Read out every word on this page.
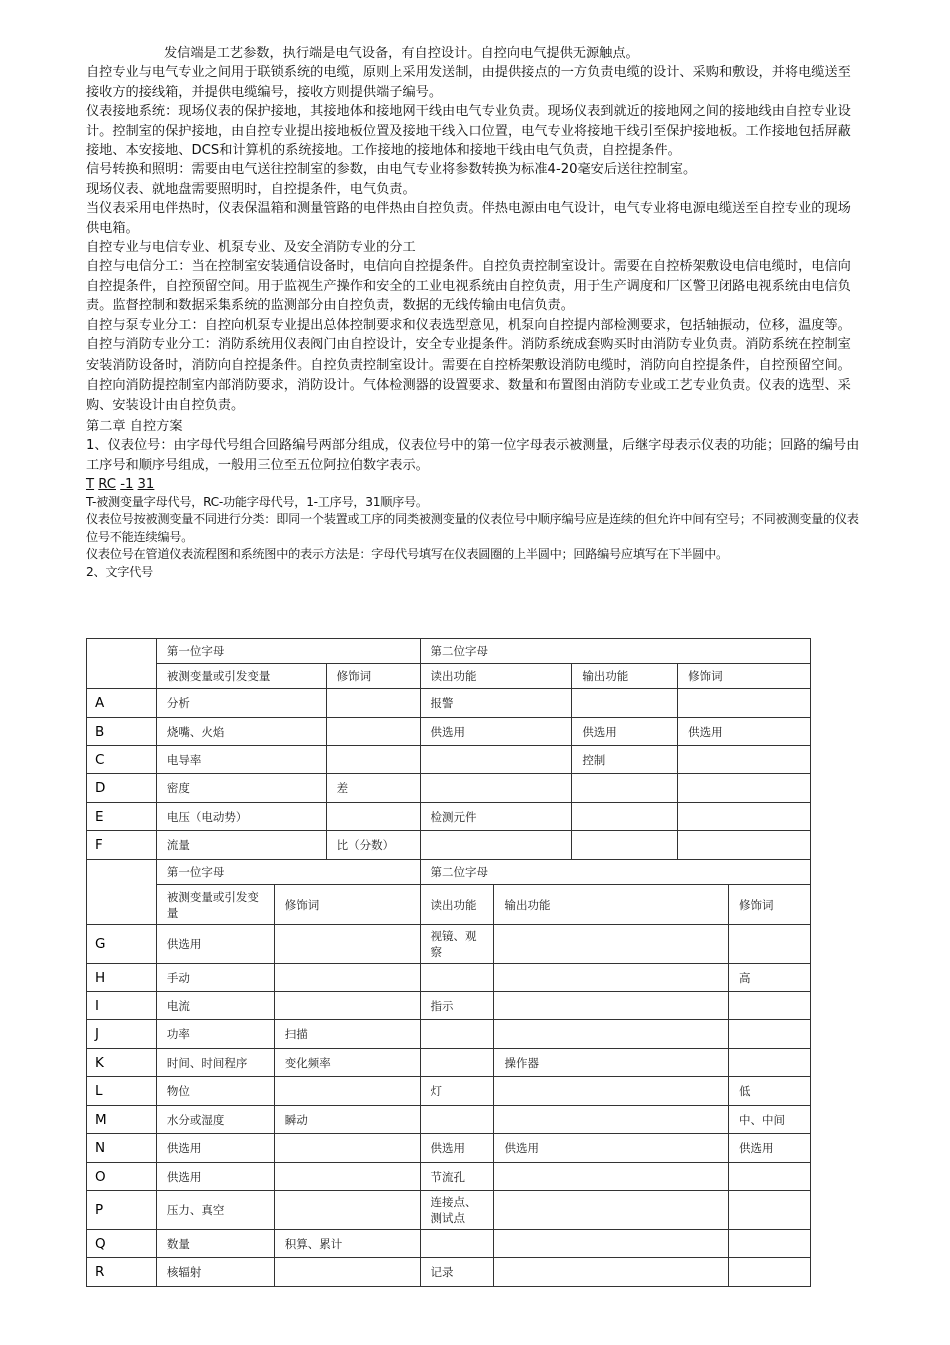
发信端是工艺参数，执行端是电气设备，有自控设计。自控向电气提供无源触点。

自控专业与电气专业之间用于联锁系统的电缆，原则上采用发送制，由提供接点的一方负责电缆的设计、采购和敷设，并将电缆送至接收方的接线箱，并提供电缆编号，接收方则提供端子编号。

仪表接地系统：现场仪表的保护接地，其接地体和接地网干线由电气专业负责。现场仪表到就近的接地网之间的接地线由自控专业设计。控制室的保护接地，由自控专业提出接地板位置及接地干线入口位置，电气专业将接地干线引至保护接地板。工作接地包括屏蔽接地、本安接地、DCS和计算机的系统接地。工作接地的接地体和接地干线由电气负责，自控提条件。

信号转换和照明：需要由电气送往控制室的参数，由电气专业将参数转换为标准4-20毫安后送往控制室。

现场仪表、就地盘需要照明时，自控提条件，电气负责。

当仪表采用电伴热时，仪表保温箱和测量管路的电伴热由自控负责。伴热电源由电气设计，电气专业将电源电缆送至自控专业的现场供电箱。

自控专业与电信专业、机泵专业、及安全消防专业的分工

自控与电信分工：当在控制室安装通信设备时，电信向自控提条件。自控负责控制室设计。需要在自控桥架敷设电信电缆时，电信向自控提条件，自控预留空间。用于监视生产操作和安全的工业电视系统由自控负责，用于生产调度和厂区警卫闭路电视系统由电信负责。监督控制和数据采集系统的监测部分由自控负责，数据的无线传输由电信负责。

自控与泵专业分工：自控向机泵专业提出总体控制要求和仪表选型意见，机泵向自控提内部检测要求，包括轴振动，位移，温度等。

自控与消防专业分工：消防系统用仪表阀门由自控设计，安全专业提条件。消防系统成套购买时由消防专业负责。消防系统在控制室安装消防设备时，消防向自控提条件。自控负责控制室设计。需要在自控桥架敷设消防电缆时，消防向自控提条件，自控预留空间。自控向消防提控制室内部消防要求，消防设计。气体检测器的设置要求、数量和布置图由消防专业或工艺专业负责。仪表的选型、采购、安装设计由自控负责。

第二章 自控方案

1、仪表位号：由字母代号组合回路编号两部分组成，仪表位号中的第一位字母表示被测量，后继字母表示仪表的功能；回路的编号由工序号和顺序号组成，一般用三位至五位阿拉伯数字表示。

T RC -1 31

T-被测变量字母代号，RC-功能字母代号，1-工序号，31顺序号。

仪表位号按被测变量不同进行分类：即同一个装置或工序的同类被测变量的仪表位号中顺序编号应是连续的但允许中间有空号；不同被测变量的仪表位号不能连续编号。

仪表位号在管道仪表流程图和系统图中的表示方法是：字母代号填写在仪表圆圈的上半圆中；回路编号应填写在下半圆中。

2、文字代号

	第一位字母		第二位字母		
	被测变量或引发变量	修饰词	读出功能	输出功能	修饰词
A	分析		报警		
B	烧嘴、火焰		供选用	供选用	供选用
C	电导率			控制	
D	密度	差			
E	电压（电动势）		检测元件		
F	流量	比（分数）			
	第一位字母		第二位字母		
	被测变量或引发变量	修饰词	读出功能	输出功能	修饰词
G	供选用		视镜、观察		
H	手动				高
I	电流		指示		
J	功率	扫描			
K	时间、时间程序	变化频率		操作器	
L	物位		灯		低
M	水分或湿度	瞬动			中、中间
N	供选用		供选用	供选用	供选用
O	供选用		节流孔		
P	压力、真空		连接点、测试点		
Q	数量	积算、累计			
R	核辐射		记录		
